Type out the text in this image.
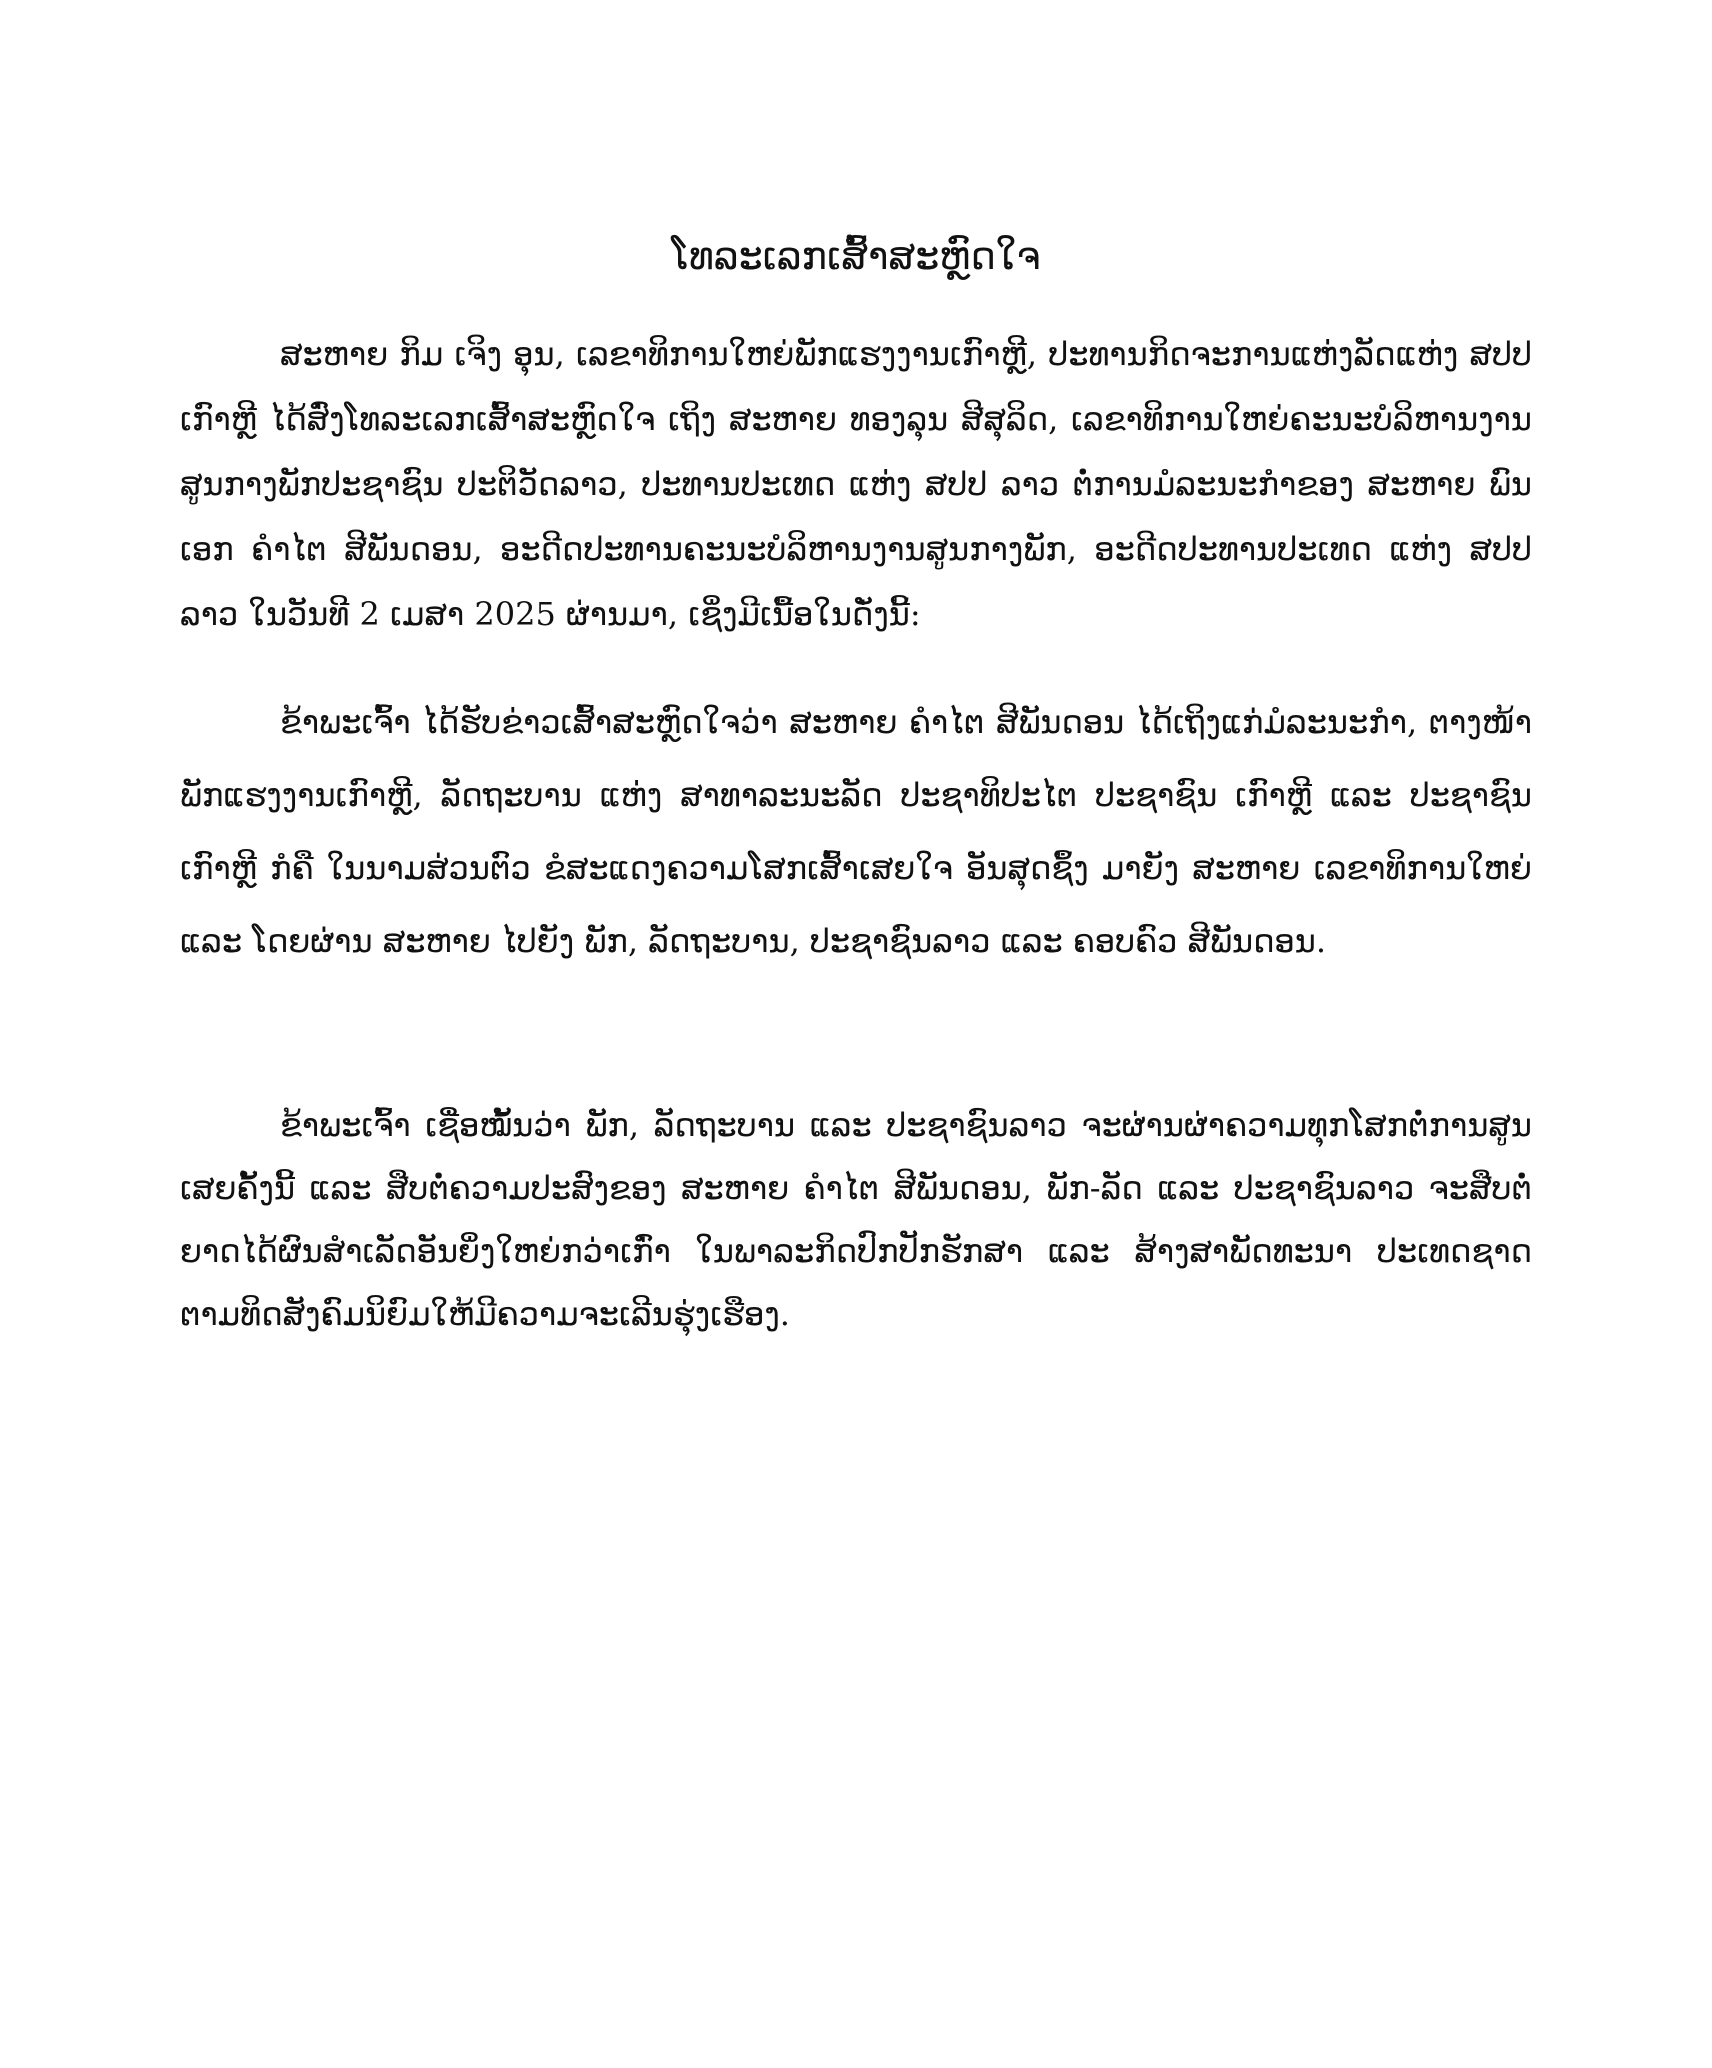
ໂທລະເລກເສົ້າສະຫຼົດໃຈ

ສະຫາຍ ກິມ ເຈິງ ອຸນ, ເລຂາທິການໃຫຍ່ພັກແຮງງານເກົາຫຼີ, ປະທານກິດຈະການແຫ່ງລັດແຫ່ງ ສປປ ເກົາຫຼີ ໄດ້ສົ່ງໂທລະເລກເສົ້າສະຫຼົດໃຈ ເຖິງ ສະຫາຍ ທອງລຸນ ສີສຸລິດ, ເລຂາທິການໃຫຍ່ຄະນະບໍລິຫານງານສູນກາງພັກປະຊາຊົນ ປະຕິວັດລາວ, ປະທານປະເທດ ແຫ່ງ ສປປ ລາວ ຕໍ່ການມໍລະນະກຳຂອງ ສະຫາຍ ພົນເອກ ຄຳໄຕ ສີພັນດອນ, ອະດີດປະທານຄະນະບໍລິຫານງານສູນກາງພັກ, ອະດີດປະທານປະເທດ ແຫ່ງ ສປປ ລາວ ໃນວັນທີ 2 ເມສາ 2025 ຜ່ານມາ, ເຊິ່ງມີເນື້ອໃນດັ່ງນີ້:

ຂ້າພະເຈົ້າ ໄດ້ຮັບຂ່າວເສົ້າສະຫຼົດໃຈວ່າ ສະຫາຍ ຄຳໄຕ ສີພັນດອນ ໄດ້ເຖິງແກ່ມໍລະນະກຳ, ຕາງໜ້າ ພັກແຮງງານເກົາຫຼີ, ລັດຖະບານ ແຫ່ງ ສາທາລະນະລັດ ປະຊາທິປະໄຕ ປະຊາຊົນ ເກົາຫຼີ ແລະ ປະຊາຊົນເກົາຫຼີ ກໍຄື ໃນນາມສ່ວນຕົວ ຂໍສະແດງຄວາມໂສກເສົ້າເສຍໃຈ ອັນສຸດຊຶ້ງ ມາຍັງ ສະຫາຍ ເລຂາທິການໃຫຍ່ ແລະ ໂດຍຜ່ານ ສະຫາຍ ໄປຍັງ ພັກ, ລັດຖະບານ, ປະຊາຊົນລາວ ແລະ ຄອບຄົວ ສີພັນດອນ.

ຂ້າພະເຈົ້າ ເຊື່ອໝັ້ນວ່າ ພັກ, ລັດຖະບານ ແລະ ປະຊາຊົນລາວ ຈະຜ່ານຜ່າຄວາມທຸກໂສກຕໍ່ການສູນເສຍຄັ້ງນີ້ ແລະ ສືບຕໍ່ຄວາມປະສົງຂອງ ສະຫາຍ ຄຳໄຕ ສີພັນດອນ, ພັກ-ລັດ ແລະ ປະຊາຊົນລາວ ຈະສືບຕໍ່ຍາດໄດ້ຜົນສຳເລັດອັນຍິ່ງໃຫຍ່ກວ່າເກົ່າ ໃນພາລະກິດປົກປັກຮັກສາ ແລະ ສ້າງສາພັດທະນາ ປະເທດຊາດ ຕາມທິດສັງຄົມນິຍົມໃຫ້ມີຄວາມຈະເລີນຮຸ່ງເຮືອງ.
